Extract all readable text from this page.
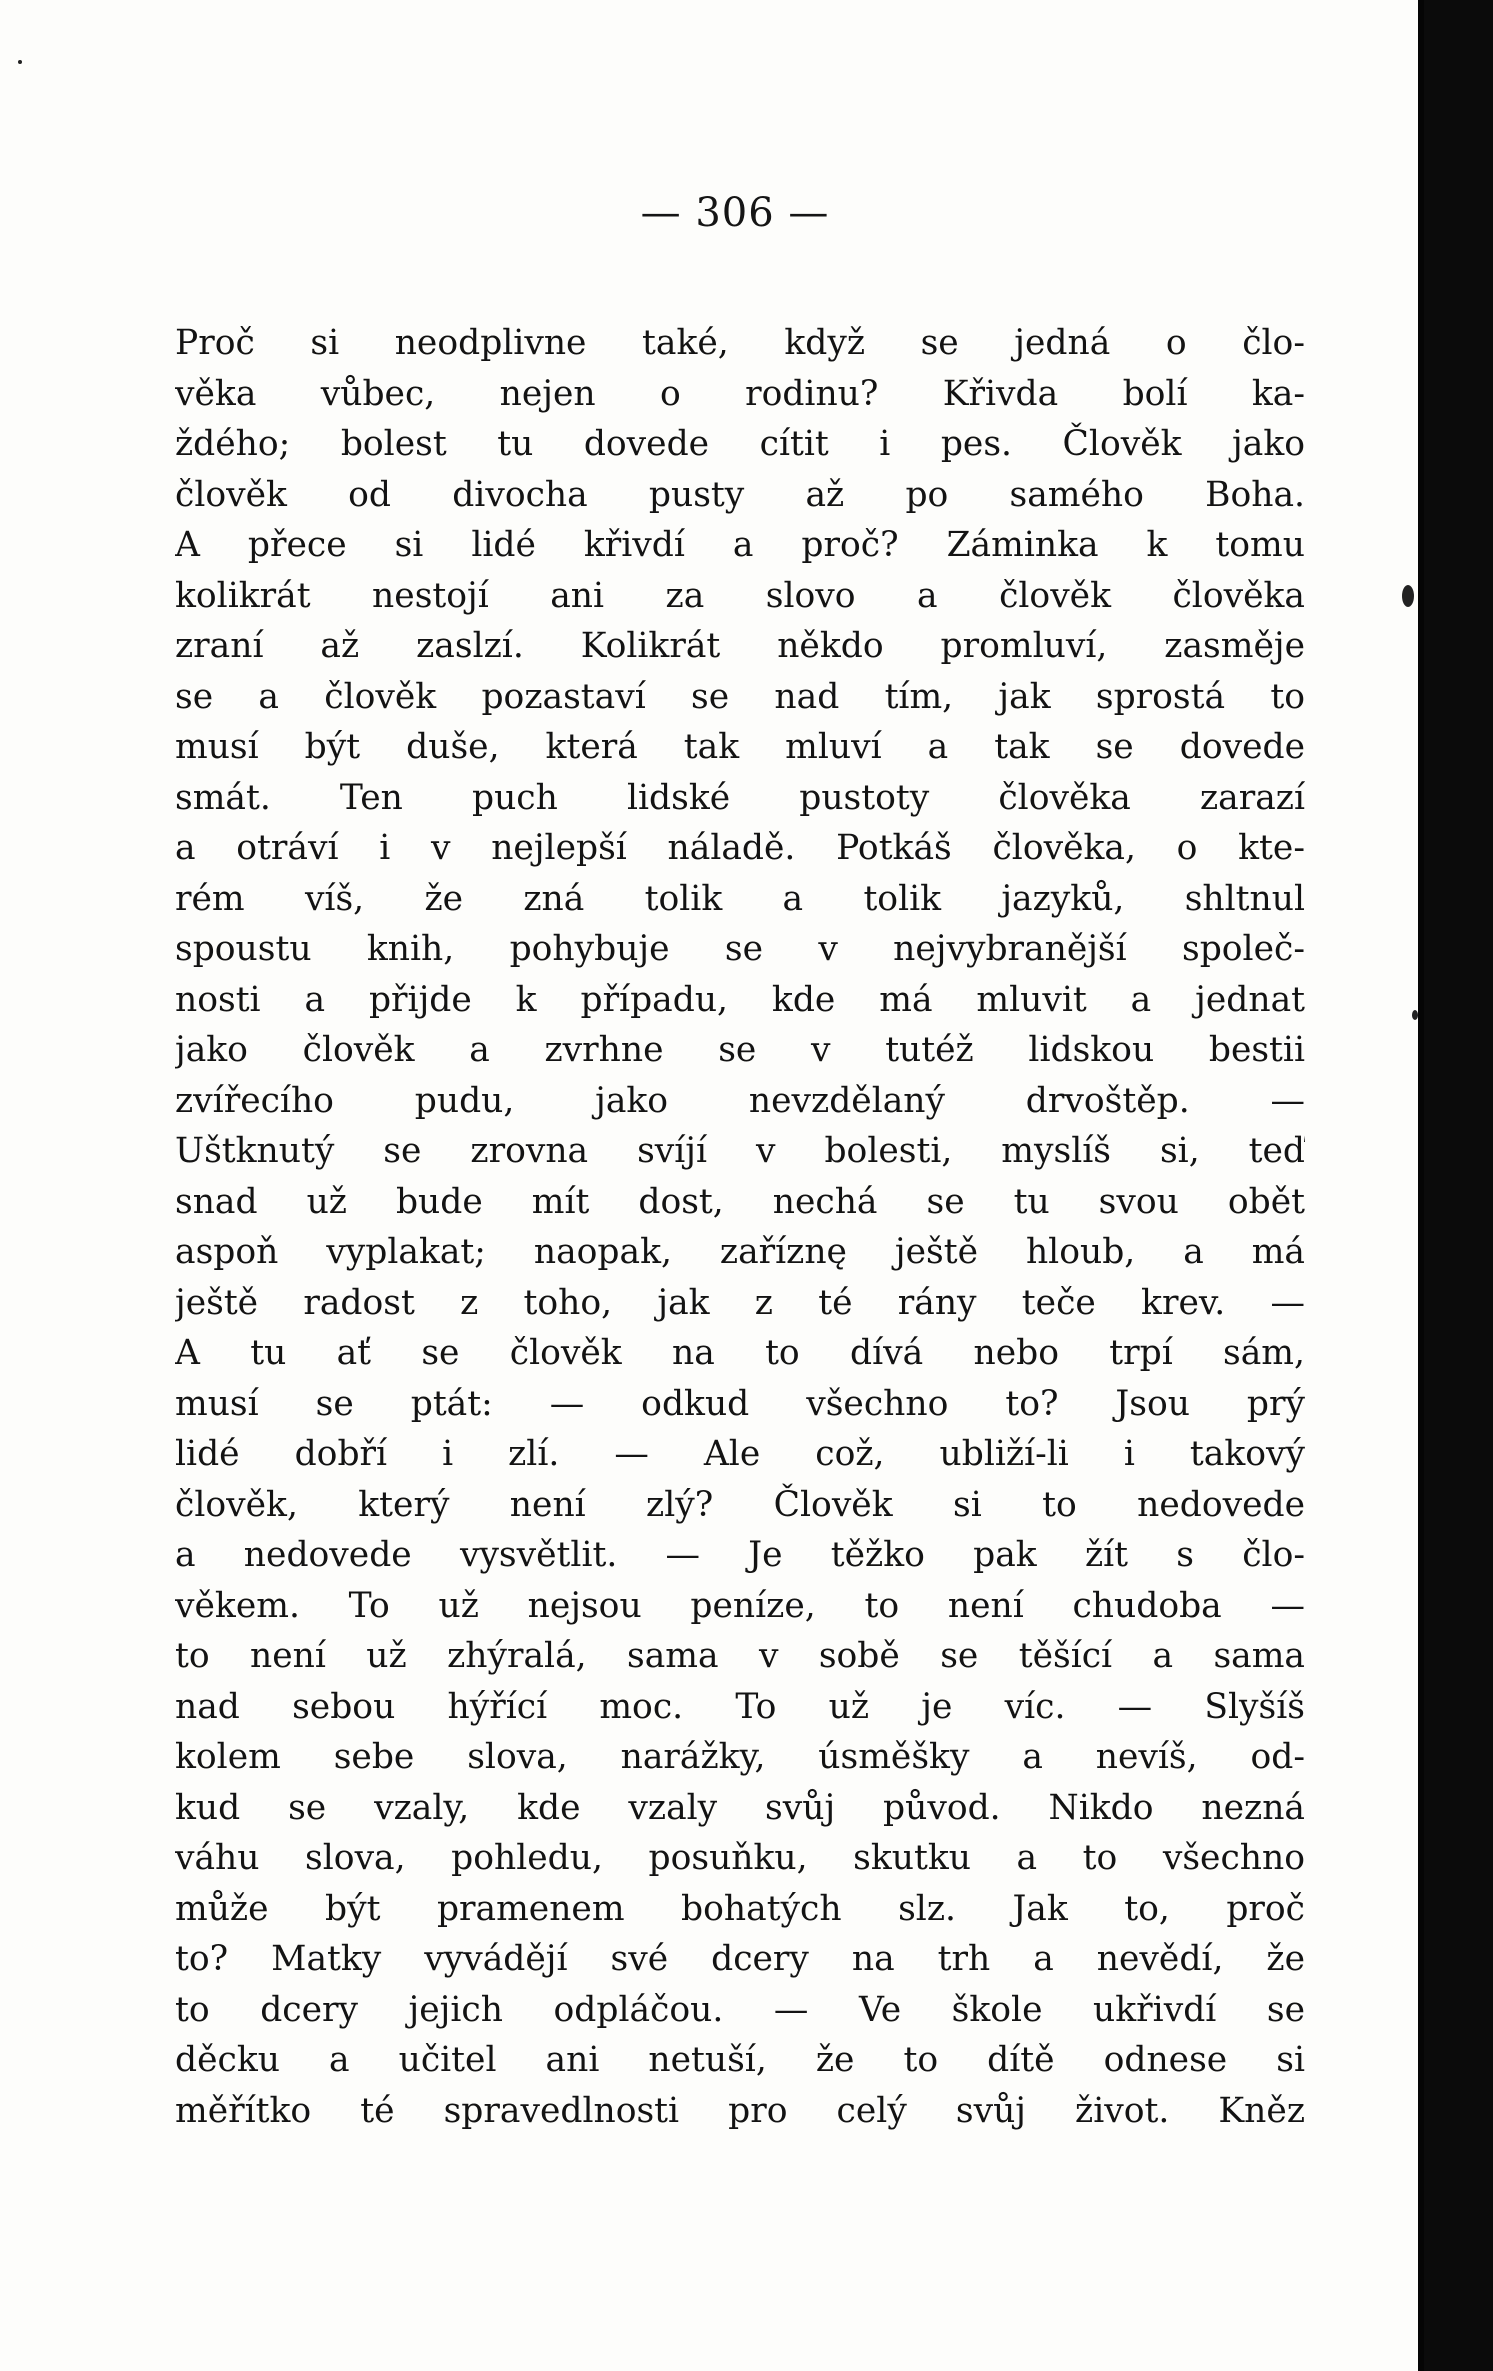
— 306 —
Proč si neodplivne také, když se jedná o člo-
věka vůbec, nejen o rodinu? Křivda bolí ka-
ždého; bolest tu dovede cítit i pes. Člověk jako
člověk od divocha pusty až po samého Boha.
A přece si lidé křivdí a proč? Záminka k tomu
kolikrát nestojí ani za slovo a člověk člověka
zraní až zaslzí. Kolikrát někdo promluví, zasměje
se a člověk pozastaví se nad tím, jak sprostá to
musí být duše, která tak mluví a tak se dovede
smát. Ten puch lidské pustoty člověka zarazí
a otráví i v nejlepší náladě. Potkáš člověka, o kte-
rém víš, že zná tolik a tolik jazyků, shltnul
spoustu knih, pohybuje se v nejvybranější společ-
nosti a přijde k případu, kde má mluvit a jednat
jako člověk a zvrhne se v tutéž lidskou bestii
zvířecího pudu, jako nevzdělaný drvoštěp. —
Uštknutý se zrovna svíjí v bolesti, myslíš si, teď
snad už bude mít dost, nechá se tu svou obět
aspoň vyplakat; naopak, zaříznę ještě hloub, a má
ještě radost z toho, jak z té rány teče krev. —
A tu ať se člověk na to dívá nebo trpí sám,
musí se ptát: — odkud všechno to? Jsou prý
lidé dobří i zlí. — Ale což, ubliží-li i takový
člověk, který není zlý? Člověk si to nedovede
a nedovede vysvětlit. — Je těžko pak žít s člo-
věkem. To už nejsou peníze, to není chudoba —
to není už zhýralá, sama v sobě se těšící a sama
nad sebou hýřící moc. To už je víc. — Slyšíš
kolem sebe slova, narážky, úsměšky a nevíš, od-
kud se vzaly, kde vzaly svůj původ. Nikdo nezná
váhu slova, pohledu, posuňku, skutku a to všechno
může být pramenem bohatých slz. Jak to, proč
to? Matky vyvádějí své dcery na trh a nevědí, že
to dcery jejich odpláčou. — Ve škole ukřivdí se
děcku a učitel ani netuší, že to dítě odnese si
měřítko té spravedlnosti pro celý svůj život. Kněz
